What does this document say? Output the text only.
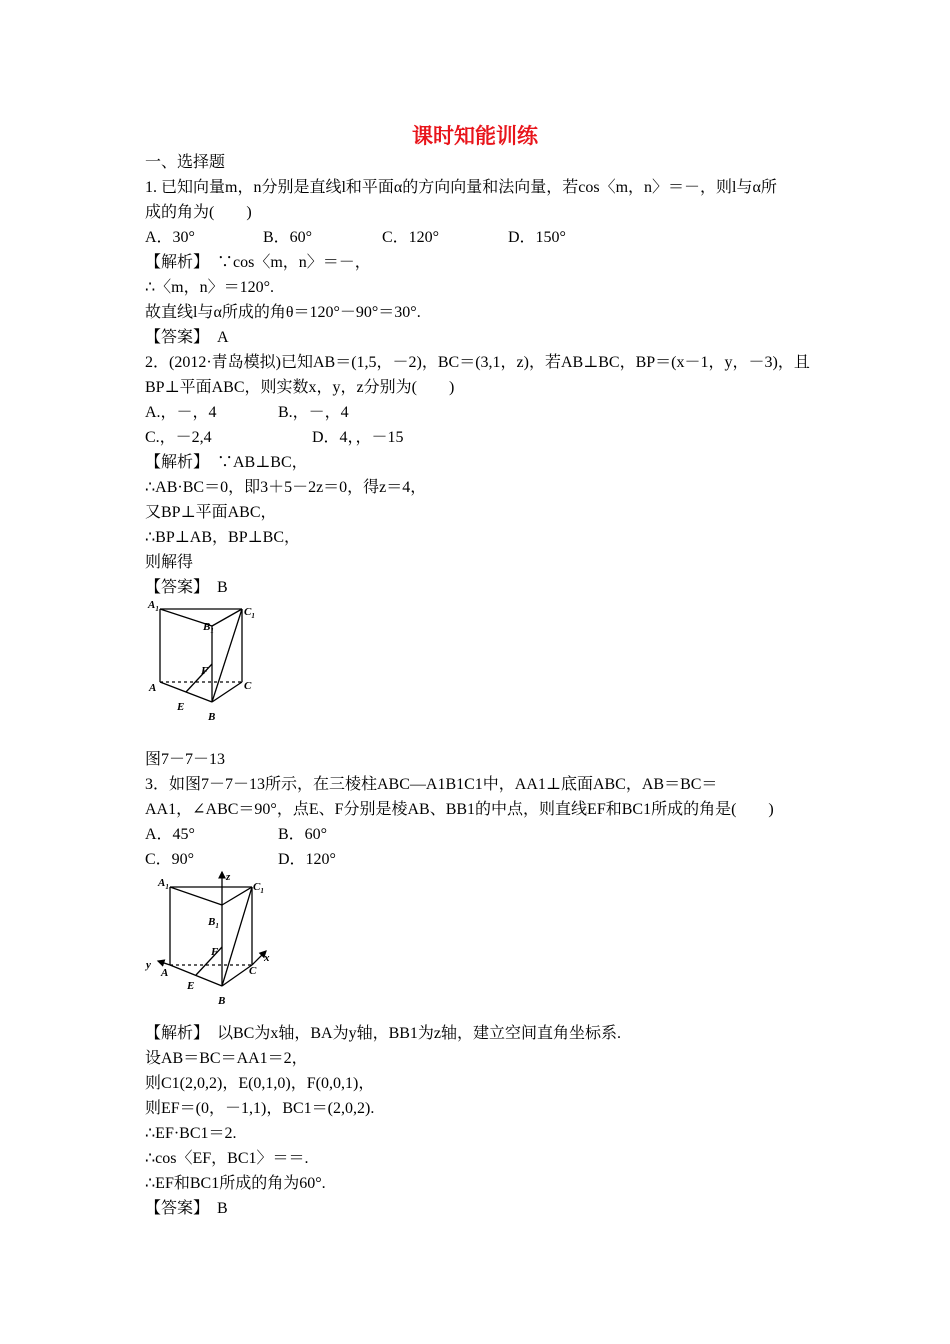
课时知能训练
一、选择题
1. 已知向量m，n分别是直线l和平面α的方向向量和法向量，若cos〈m，n〉＝－，则l与α所
成的角为(　　)
A．30°	B．60°	C．120°	D．150°
【解析】　∵cos〈m，n〉＝－，
∴〈m，n〉＝120°.
故直线l与α所成的角θ＝120°－90°＝30°.
【答案】　A
2．(2012·青岛模拟)已知AB＝(1,5，－2)，BC＝(3,1，z)，若AB⊥BC，BP＝(x－1，y，－3)，且
BP⊥平面ABC，则实数x，y，z分别为(　　)
A.，－，4	B.，－，4
C.，－2,4	D．4，，－15
【解析】　∵AB⊥BC，
∴AB·BC＝0，即3＋5－2z＝0，得z＝4，
又BP⊥平面ABC，
∴BP⊥AB，BP⊥BC，
则解得
【答案】　B
$A_1$
$B_1$
$C_1$
F
A	C
E
B
图7－7－13
3．如图7－7－13所示，在三棱柱ABC—A1B1C1中，AA1⊥底面ABC，AB＝BC＝
AA1，∠ABC＝90°，点E、F分别是棱AB、BB1的中点，则直线EF和BC1所成的角是(　　)
A．45°	B．60°
C．90°	D．120°
z
y
x
$A_1$
$B_1$
$C_1$
F
A	C
E
B
【解析】　以BC为x轴，BA为y轴，BB1为z轴，建立空间直角坐标系.
设AB＝BC＝AA1＝2，
则C1(2,0,2)，E(0,1,0)，F(0,0,1)，
则EF＝(0，－1,1)，BC1＝(2,0,2).
∴EF·BC1＝2.
∴cos〈EF，BC1〉＝＝.
∴EF和BC1所成的角为60°.
【答案】　B
